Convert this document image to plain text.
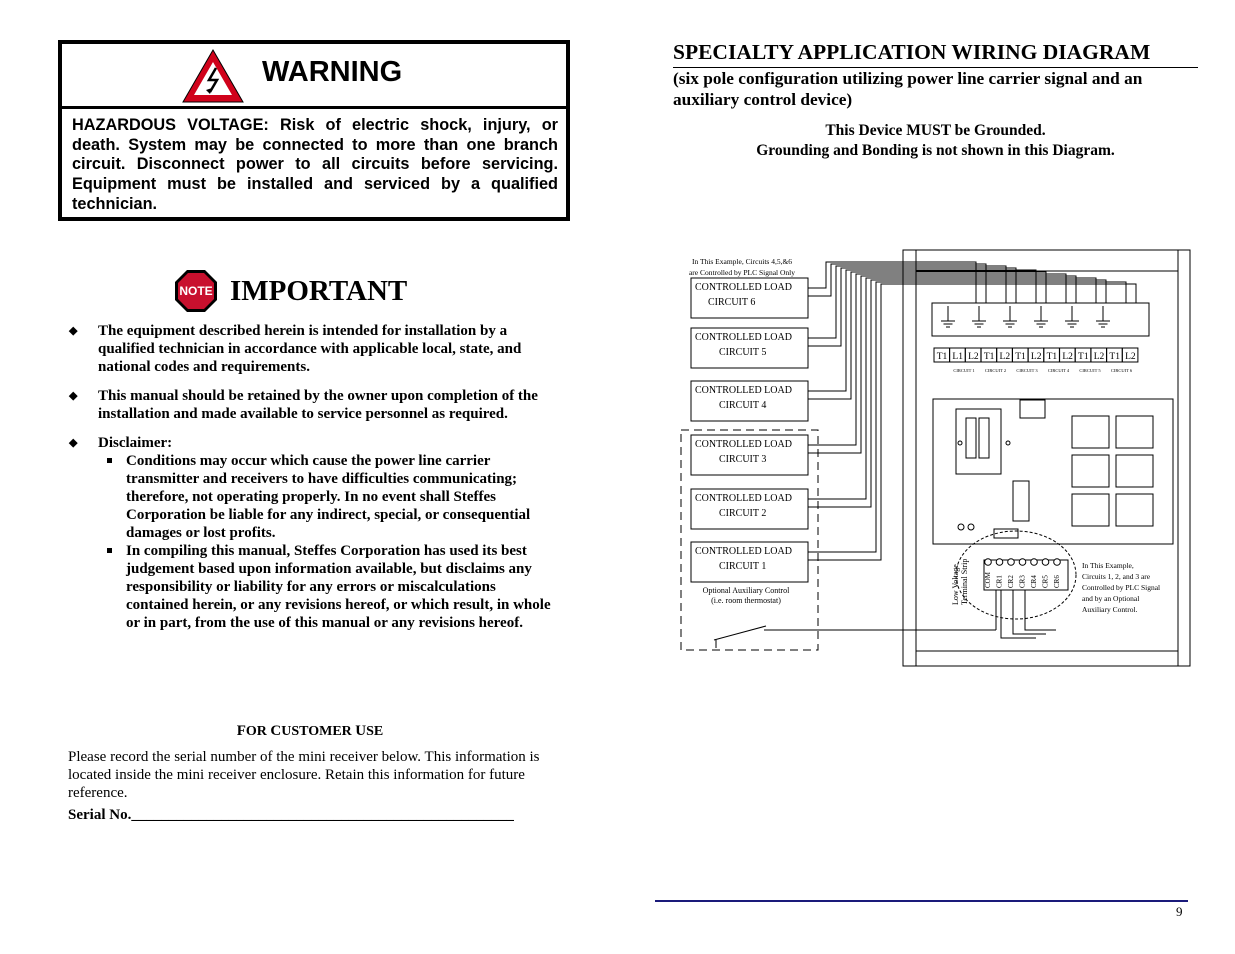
WARNING
HAZARDOUS VOLTAGE: Risk of electric shock, injury, or death. System may be connected to more than one branch circuit. Disconnect power to all circuits before servicing. Equipment must be installed and serviced by a qualified technician.
NOTE IMPORTANT
◆ The equipment described herein is intended for installation by a qualified technician in accordance with applicable local, state, and national codes and requirements.
◆ This manual should be retained by the owner upon completion of the installation and made available to service personnel as required.
◆ Disclaimer:
Conditions may occur which cause the power line carrier transmitter and receivers to have difficulties communicating; therefore, not operating properly. In no event shall Steffes Corporation be liable for any indirect, special, or consequential damages or lost profits.
In compiling this manual, Steffes Corporation has used its best judgement based upon information available, but disclaims any responsibility or liability for any errors or miscalculations contained herein, or any revisions hereof, or which result, in whole or in part, from the use of this manual or any revisions hereof.
FOR CUSTOMER USE
Please record the serial number of the mini receiver below. This information is located inside the mini receiver enclosure. Retain this information for future reference.
Serial No.___________________________________________________
SPECIALTY APPLICATION WIRING DIAGRAM
(six pole configuration utilizing power line carrier signal and an auxiliary control device)
This Device MUST be Grounded.
Grounding and Bonding is not shown in this Diagram.
CONTROLLED LOAD
CIRCUIT 6
CONTROLLED LOAD
CIRCUIT 5
CONTROLLED LOAD
CIRCUIT 4
CONTROLLED LOAD
CIRCUIT 3
CONTROLLED LOAD
CIRCUIT 2
CONTROLLED LOAD
CIRCUIT 1
T1 L1 L2 T1 L2 T1 L2 T1 L2 T1 L2 T1 L2
CIRCUIT 1 CIRCUIT 2 CIRCUIT 3 CIRCUIT 4 CIRCUIT 5 CIRCUIT 6
COM CR1 CR2 CR3 CR4 CR5 CR6
In This Example, Circuits 4,5,&6
are Controlled by PLC Signal Only
Optional Auxiliary Control
(i.e. room thermostat)	Low Voltage Terminal Strip	In This Example,
Circuits 1, 2, and 3 are
Controlled by PLC Signal
and by an Optional
Auxiliary Control.
9
